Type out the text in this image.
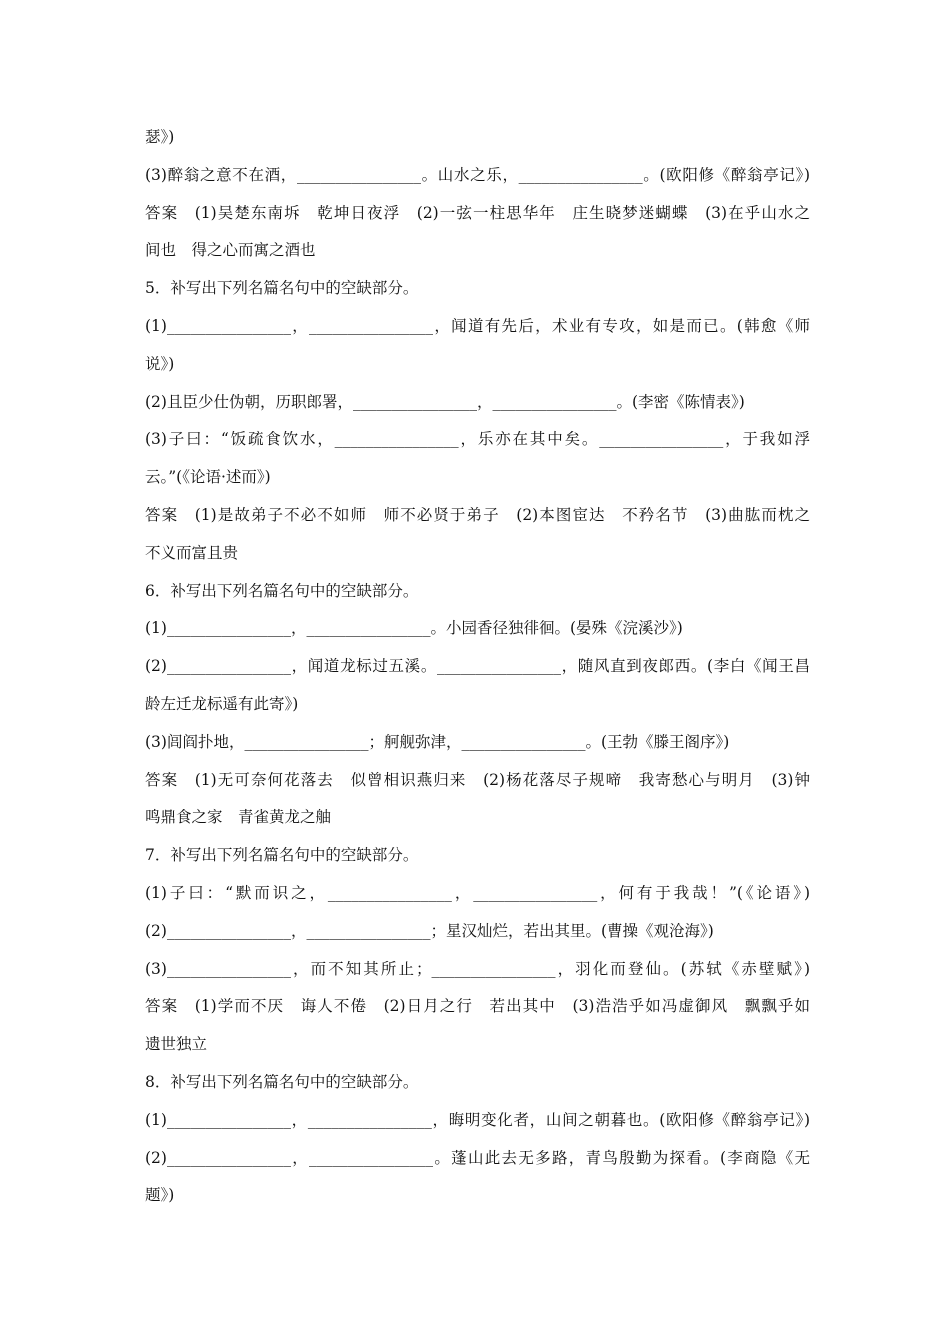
瑟》)
(3)醉翁之意不在酒，________________。山水之乐，________________。(欧阳修《醉翁亭记》)
答案　(1)吴楚东南坼　乾坤日夜浮　(2)一弦一柱思华年　庄生晓梦迷蝴蝶　(3)在乎山水之
间也　得之心而寓之酒也
5．补写出下列名篇名句中的空缺部分。
(1)________________，________________，闻道有先后，术业有专攻，如是而已。(韩愈《师
说》)
(2)且臣少仕伪朝，历职郎署，________________，________________。(李密《陈情表》)
(3)子曰：“饭疏食饮水，________________，乐亦在其中矣。________________，于我如浮
云。”(《论语·述而》)
答案　(1)是故弟子不必不如师　师不必贤于弟子　(2)本图宦达　不矜名节　(3)曲肱而枕之
不义而富且贵
6．补写出下列名篇名句中的空缺部分。
(1)________________，________________。小园香径独徘徊。(晏殊《浣溪沙》)
(2)________________，闻道龙标过五溪。________________，随风直到夜郎西。(李白《闻王昌
龄左迁龙标遥有此寄》)
(3)闾阎扑地，________________；舸舰弥津，________________。(王勃《滕王阁序》)
答案　(1)无可奈何花落去　似曾相识燕归来　(2)杨花落尽子规啼　我寄愁心与明月　(3)钟
鸣鼎食之家　青雀黄龙之舳
7．补写出下列名篇名句中的空缺部分。
(1)子曰：“默而识之，________________，________________，何有于我哉！”(《论语》)
(2)________________，________________；星汉灿烂，若出其里。(曹操《观沧海》)
(3)________________，而不知其所止；________________，羽化而登仙。(苏轼《赤壁赋》)
答案　(1)学而不厌　诲人不倦　(2)日月之行　若出其中　(3)浩浩乎如冯虚御风　飘飘乎如
遗世独立
8．补写出下列名篇名句中的空缺部分。
(1)________________，________________，晦明变化者，山间之朝暮也。(欧阳修《醉翁亭记》)
(2)________________，________________。蓬山此去无多路，青鸟殷勤为探看。(李商隐《无
题》)
